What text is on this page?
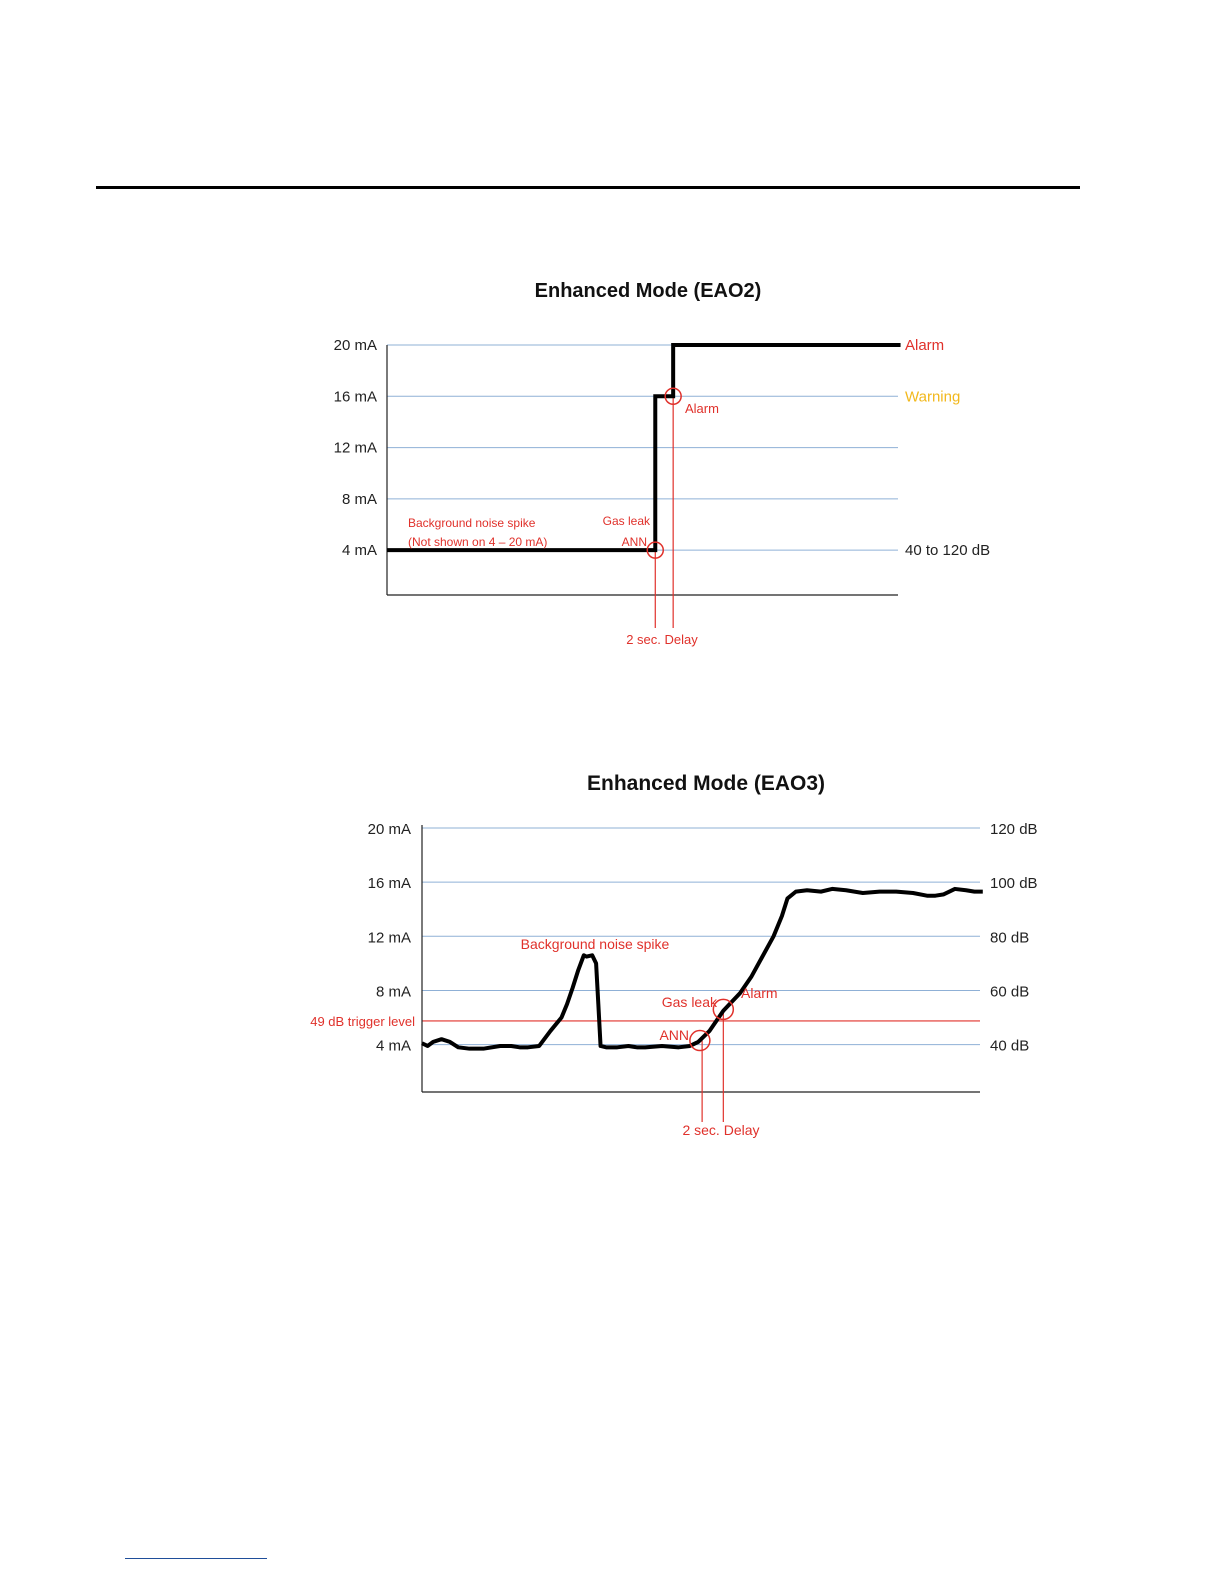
Enhanced Mode (EAO2)
20 mA
16 mA
12 mA
8 mA
4 mA
Alarm
Warning
40 to 120 dB
Background noise spike
(Not shown on 4 – 20 mA)
Gas leak
ANN
Alarm
2 sec. Delay
Enhanced Mode (EAO3)
20 mA
16 mA
12 mA
8 mA
4 mA
120 dB
100 dB
80 dB
60 dB
40 dB
49 dB trigger level
Background noise spike
Gas leak
ANN
Alarm
2 sec. Delay
